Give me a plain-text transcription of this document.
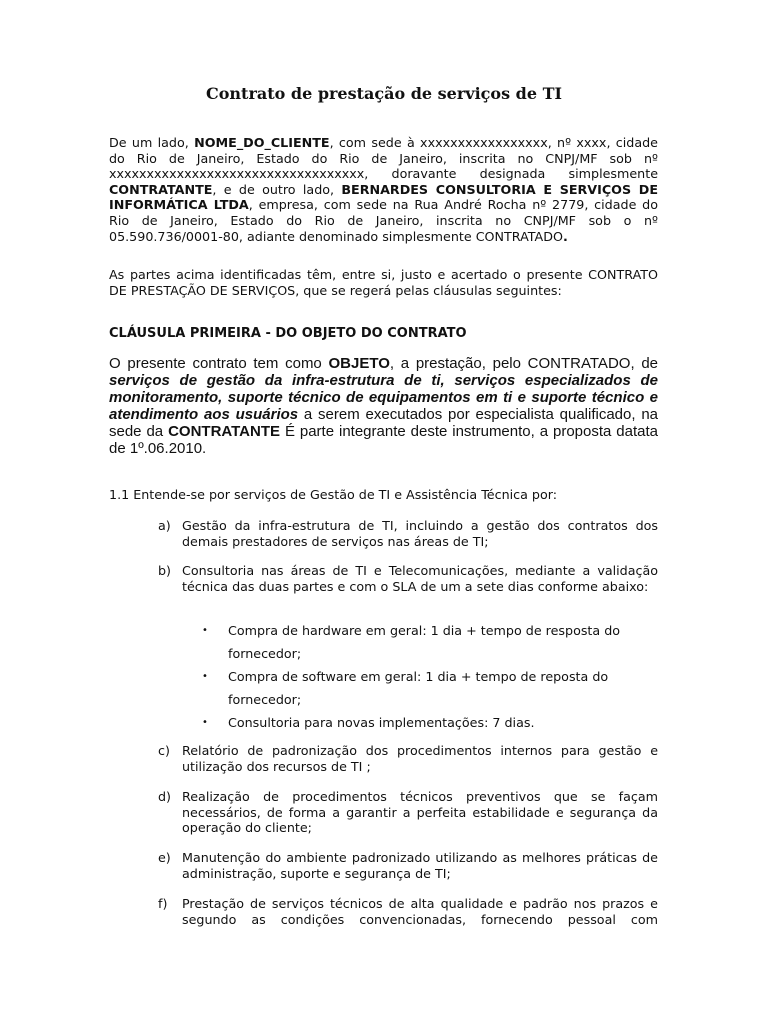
Contrato de prestação de serviços de TI

De um lado, NOME_DO_CLIENTE, com sede à xxxxxxxxxxxxxxxxx, nº xxxx, cidade do Rio de Janeiro, Estado do Rio de Janeiro, inscrita no CNPJ/MF sob nº xxxxxxxxxxxxxxxxxxxxxxxxxxxxxxxxxx, doravante designada simplesmente CONTRATANTE, e de outro lado, BERNARDES CONSULTORIA E SERVIÇOS DE INFORMÁTICA LTDA, empresa, com sede na Rua André Rocha nº 2779, cidade do Rio de Janeiro, Estado do Rio de Janeiro, inscrita no CNPJ/MF sob o nº 05.590.736/0001-80, adiante denominado simplesmente CONTRATADO.

As partes acima identificadas têm, entre si, justo e acertado o presente CONTRATO DE PRESTAÇÃO DE SERVIÇOS, que se regerá pelas cláusulas seguintes:

CLÁUSULA PRIMEIRA - DO OBJETO DO CONTRATO

O presente contrato tem como OBJETO, a prestação, pelo CONTRATADO, de serviços de gestão da infra-estrutura de ti, serviços especializados de monitoramento, suporte técnico de equipamentos em ti e suporte técnico e atendimento aos usuários a serem executados por especialista qualificado, na sede da CONTRATANTE É parte integrante deste instrumento, a proposta datata de 1º.06.2010.

1.1 Entende-se por serviços de Gestão de TI e Assistência Técnica por:

a) Gestão da infra-estrutura de TI, incluindo a gestão dos contratos dos demais prestadores de serviços nas áreas de TI;
b) Consultoria nas áreas de TI e Telecomunicações, mediante a validação técnica das duas partes e com o SLA de um a sete dias conforme abaixo:
• Compra de hardware em geral: 1 dia + tempo de resposta do fornecedor;
• Compra de software em geral: 1 dia + tempo de reposta do fornecedor;
• Consultoria para novas implementações: 7 dias.
c) Relatório de padronização dos procedimentos internos para gestão e utilização dos recursos de TI ;
d) Realização de procedimentos técnicos preventivos que se façam necessários, de forma a garantir a perfeita estabilidade e segurança da operação do cliente;
e) Manutenção do ambiente padronizado utilizando as melhores práticas de administração, suporte e segurança de TI;
f) Prestação de serviços técnicos de alta qualidade e padrão nos prazos e segundo as condições convencionadas, fornecendo pessoal com
